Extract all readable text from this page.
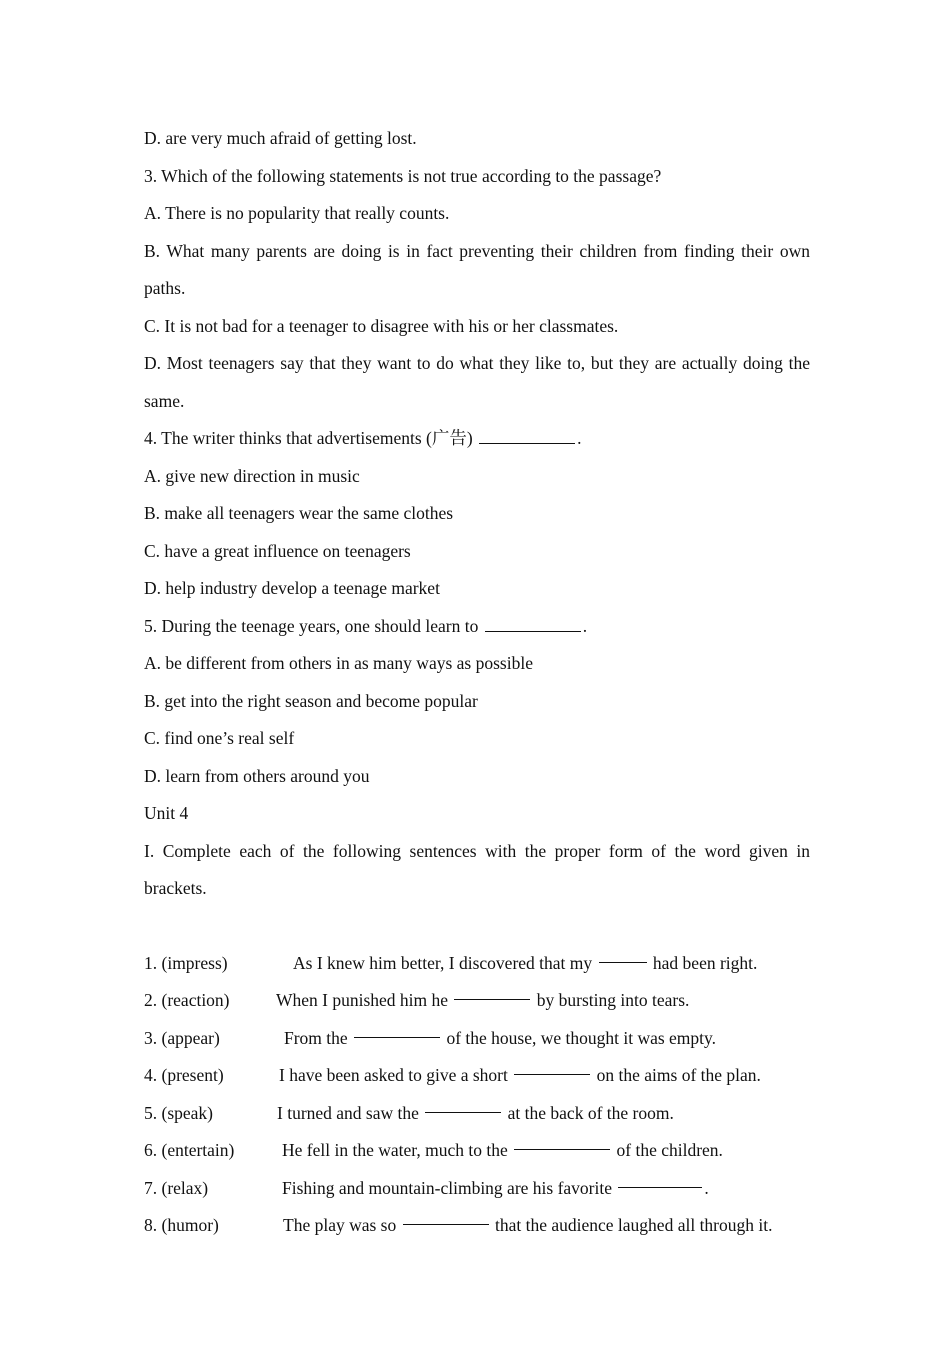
D. are very much afraid of getting lost.
3. Which of the following statements is not true according to the passage?
A. There is no popularity that really counts.
B. What many parents are doing is in fact preventing their children from finding their own paths.
C. It is not bad for a teenager to disagree with his or her classmates.
D. Most teenagers say that they want to do what they like to, but they are actually doing the same.
4. The writer thinks that advertisements (广告)	.
A. give new direction in music
B. make all teenagers wear the same clothes
C. have a great influence on teenagers
D. help industry develop a teenage market
5. During the teenage years, one should learn to	.
A. be different from others in as many ways as possible
B. get into the right season and become popular
C. find one’s real self
D. learn from others around you
Unit 4
I. Complete each of the following sentences with the proper form of the word given in brackets.
1. (impress)	As I knew him better, I discovered that my

	had been right.
2. (reaction)	When I punished him he

	by bursting into tears.
3. (appear)	From the

	of the house, we thought it was empty.
4. (present)	I have been asked to give a short

	on the aims of the plan.
5. (speak)	I turned and saw the

	at the back of the room.
6. (entertain)	He fell in the water, much to the

	of the children.
7. (relax)	Fishing and mountain-climbing are his favorite
	.
8. (humor)	The play was so

	that the audience laughed all through it.
